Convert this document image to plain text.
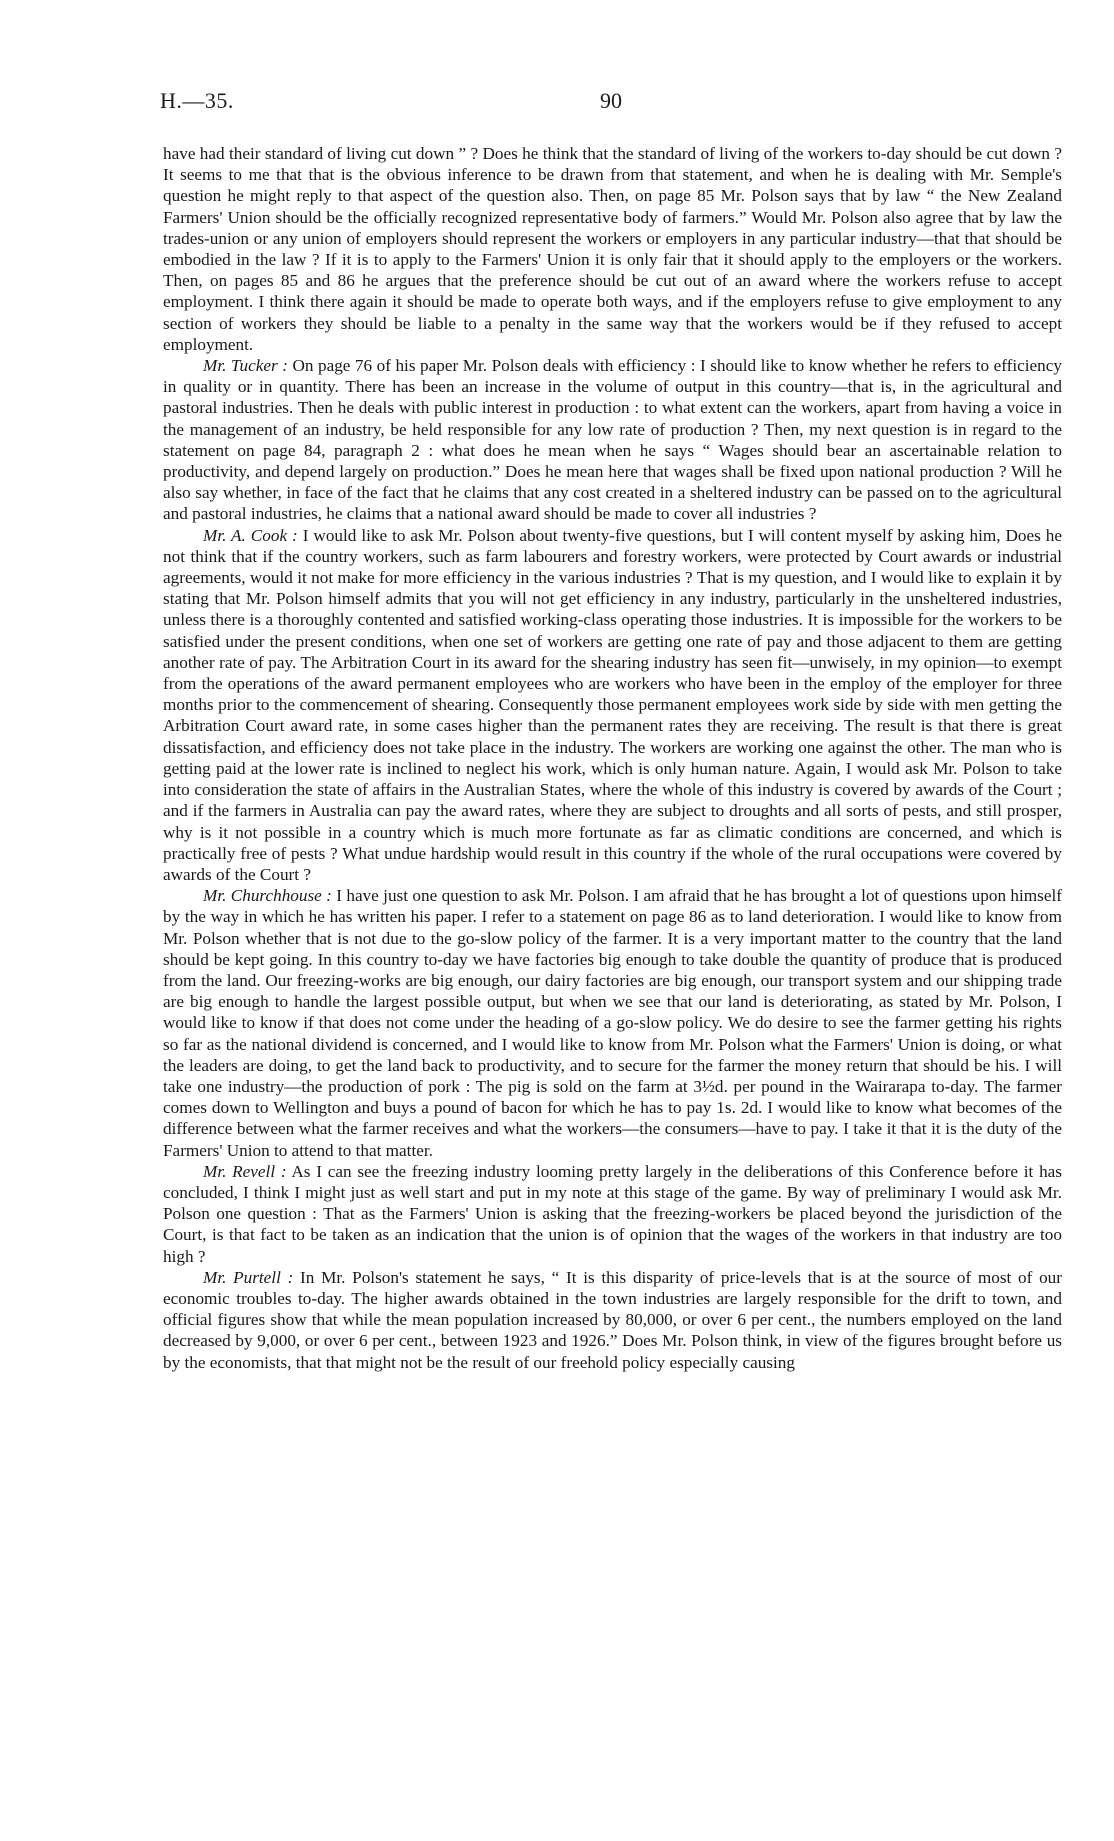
H.—35.	90

have had their standard of living cut down ” ? Does he think that the standard of living of the workers to-day should be cut down ? It seems to me that that is the obvious inference to be drawn from that statement, and when he is dealing with Mr. Semple's question he might reply to that aspect of the question also. Then, on page 85 Mr. Polson says that by law “ the New Zealand Farmers' Union should be the officially recognized representative body of farmers.” Would Mr. Polson also agree that by law the trades-union or any union of employers should represent the workers or employers in any particular industry—that that should be embodied in the law ? If it is to apply to the Farmers' Union it is only fair that it should apply to the employers or the workers. Then, on pages 85 and 86 he argues that the preference should be cut out of an award where the workers refuse to accept employment. I think there again it should be made to operate both ways, and if the employers refuse to give employment to any section of workers they should be liable to a penalty in the same way that the workers would be if they refused to accept employment.

Mr. Tucker : On page 76 of his paper Mr. Polson deals with efficiency : I should like to know whether he refers to efficiency in quality or in quantity. There has been an increase in the volume of output in this country—that is, in the agricultural and pastoral industries. Then he deals with public interest in production : to what extent can the workers, apart from having a voice in the management of an industry, be held responsible for any low rate of production ? Then, my next question is in regard to the statement on page 84, paragraph 2 : what does he mean when he says “ Wages should bear an ascertainable relation to productivity, and depend largely on production.” Does he mean here that wages shall be fixed upon national production ? Will he also say whether, in face of the fact that he claims that any cost created in a sheltered industry can be passed on to the agricultural and pastoral industries, he claims that a national award should be made to cover all industries ?

Mr. A. Cook : I would like to ask Mr. Polson about twenty-five questions, but I will content myself by asking him, Does he not think that if the country workers, such as farm labourers and forestry workers, were protected by Court awards or industrial agreements, would it not make for more efficiency in the various industries ? That is my question, and I would like to explain it by stating that Mr. Polson himself admits that you will not get efficiency in any industry, particularly in the unsheltered industries, unless there is a thoroughly contented and satisfied working-class operating those industries. It is impossible for the workers to be satisfied under the present conditions, when one set of workers are getting one rate of pay and those adjacent to them are getting another rate of pay. The Arbitration Court in its award for the shearing industry has seen fit—unwisely, in my opinion—to exempt from the operations of the award permanent employees who are workers who have been in the employ of the employer for three months prior to the commencement of shearing. Consequently those permanent employees work side by side with men getting the Arbitration Court award rate, in some cases higher than the permanent rates they are receiving. The result is that there is great dissatisfaction, and efficiency does not take place in the industry. The workers are working one against the other. The man who is getting paid at the lower rate is inclined to neglect his work, which is only human nature. Again, I would ask Mr. Polson to take into consideration the state of affairs in the Australian States, where the whole of this industry is covered by awards of the Court ; and if the farmers in Australia can pay the award rates, where they are subject to droughts and all sorts of pests, and still prosper, why is it not possible in a country which is much more fortunate as far as climatic conditions are concerned, and which is practically free of pests ? What undue hardship would result in this country if the whole of the rural occupations were covered by awards of the Court ?

Mr. Churchhouse : I have just one question to ask Mr. Polson. I am afraid that he has brought a lot of questions upon himself by the way in which he has written his paper. I refer to a statement on page 86 as to land deterioration. I would like to know from Mr. Polson whether that is not due to the go-slow policy of the farmer. It is a very important matter to the country that the land should be kept going. In this country to-day we have factories big enough to take double the quantity of produce that is produced from the land. Our freezing-works are big enough, our dairy factories are big enough, our transport system and our shipping trade are big enough to handle the largest possible output, but when we see that our land is deteriorating, as stated by Mr. Polson, I would like to know if that does not come under the heading of a go-slow policy. We do desire to see the farmer getting his rights so far as the national dividend is concerned, and I would like to know from Mr. Polson what the Farmers' Union is doing, or what the leaders are doing, to get the land back to productivity, and to secure for the farmer the money return that should be his. I will take one industry—the production of pork : The pig is sold on the farm at 3½d. per pound in the Wairarapa to-day. The farmer comes down to Wellington and buys a pound of bacon for which he has to pay 1s. 2d. I would like to know what becomes of the difference between what the farmer receives and what the workers—the consumers—have to pay. I take it that it is the duty of the Farmers' Union to attend to that matter.

Mr. Revell : As I can see the freezing industry looming pretty largely in the deliberations of this Conference before it has concluded, I think I might just as well start and put in my note at this stage of the game. By way of preliminary I would ask Mr. Polson one question : That as the Farmers' Union is asking that the freezing-workers be placed beyond the jurisdiction of the Court, is that fact to be taken as an indication that the union is of opinion that the wages of the workers in that industry are too high ?

Mr. Purtell : In Mr. Polson's statement he says, “ It is this disparity of price-levels that is at the source of most of our economic troubles to-day. The higher awards obtained in the town industries are largely responsible for the drift to town, and official figures show that while the mean population increased by 80,000, or over 6 per cent., the numbers employed on the land decreased by 9,000, or over 6 per cent., between 1923 and 1926.” Does Mr. Polson think, in view of the figures brought before us by the economists, that that might not be the result of our freehold policy especially causing
